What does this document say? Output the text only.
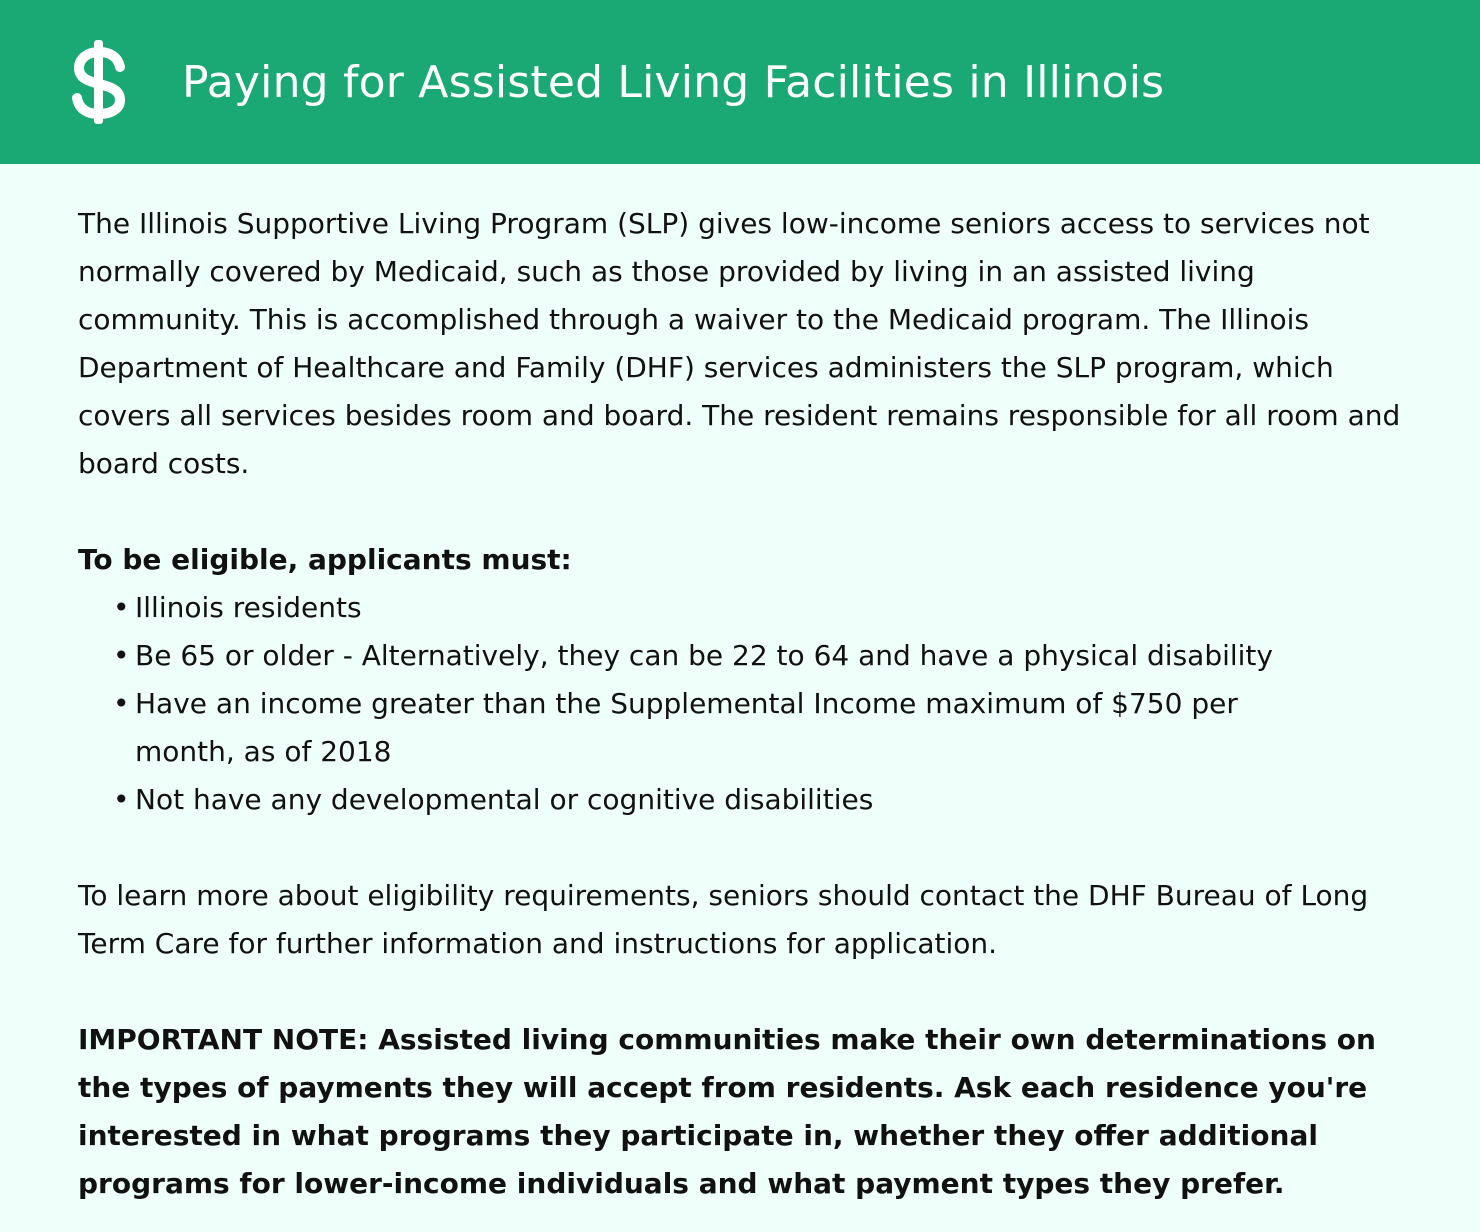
Paying for Assisted Living Facilities in Illinois

The Illinois Supportive Living Program (SLP) gives low-income seniors access to services not normally covered by Medicaid, such as those provided by living in an assisted living community. This is accomplished through a waiver to the Medicaid program. The Illinois Department of Healthcare and Family (DHF) services administers the SLP program, which covers all services besides room and board. The resident remains responsible for all room and board costs.

To be eligible, applicants must:

• Illinois residents
• Be 65 or older - Alternatively, they can be 22 to 64 and have a physical disability
• Have an income greater than the Supplemental Income maximum of $750 per month, as of 2018
• Not have any developmental or cognitive disabilities

To learn more about eligibility requirements, seniors should contact the DHF Bureau of Long Term Care for further information and instructions for application.

IMPORTANT NOTE: Assisted living communities make their own determinations on the types of payments they will accept from residents. Ask each residence you're interested in what programs they participate in, whether they offer additional programs for lower-income individuals and what payment types they prefer.
